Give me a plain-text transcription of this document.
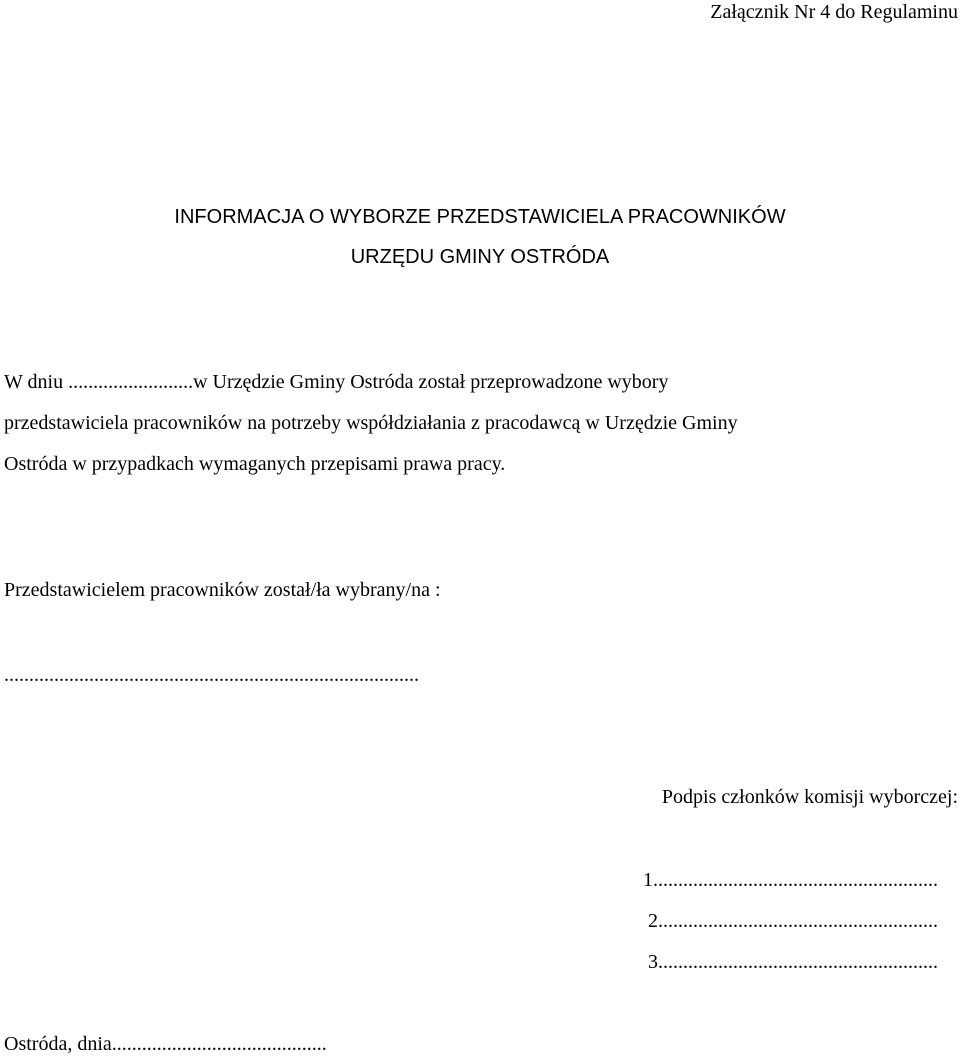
Załącznik Nr 4 do Regulaminu

INFORMACJA O WYBORZE PRZEDSTAWICIELA PRACOWNIKÓW

URZĘDU GMINY OSTRÓDA

W dniu .........................w Urzędzie Gminy Ostróda został przeprowadzone wybory

przedstawiciela pracowników na potrzeby współdziałania z pracodawcą w Urzędzie Gminy

Ostróda w przypadkach wymaganych przepisami prawa pracy.

Przedstawicielem pracowników został/ła wybrany/na :

...................................................................................

Podpis członków komisji wyborczej:

1.........................................................

2........................................................

3........................................................

Ostróda, dnia...........................................
